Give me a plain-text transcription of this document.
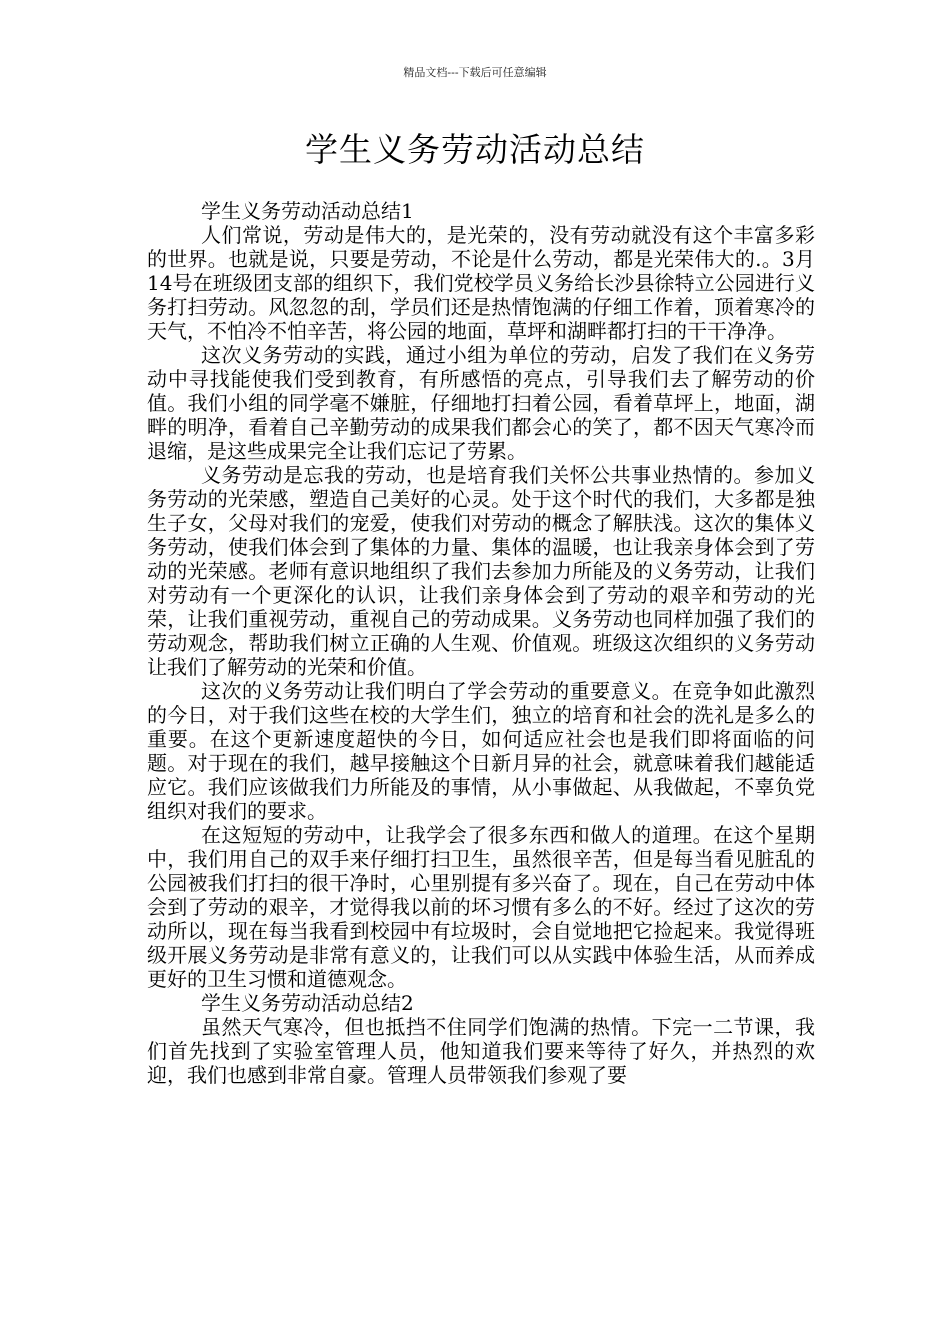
精品文档---下载后可任意编辑
学生义务劳动活动总结

学生义务劳动活动总结1

人们常说，劳动是伟大的，是光荣的，没有劳动就没有这个丰富多彩的世界。也就是说，只要是劳动，不论是什么劳动，都是光荣伟大的.。3月14号在班级团支部的组织下，我们党校学员义务给长沙县徐特立公园进行义务打扫劳动。风忽忽的刮，学员们还是热情饱满的仔细工作着，顶着寒冷的天气，不怕冷不怕辛苦，将公园的地面，草坪和湖畔都打扫的干干净净。

这次义务劳动的实践，通过小组为单位的劳动，启发了我们在义务劳动中寻找能使我们受到教育，有所感悟的亮点，引导我们去了解劳动的价值。我们小组的同学毫不嫌脏，仔细地打扫着公园，看着草坪上，地面，湖畔的明净，看着自己辛勤劳动的成果我们都会心的笑了，都不因天气寒冷而退缩，是这些成果完全让我们忘记了劳累。

义务劳动是忘我的劳动，也是培育我们关怀公共事业热情的。参加义务劳动的光荣感，塑造自己美好的心灵。处于这个时代的我们，大多都是独生子女，父母对我们的宠爱，使我们对劳动的概念了解肤浅。这次的集体义务劳动，使我们体会到了集体的力量、集体的温暖，也让我亲身体会到了劳动的光荣感。老师有意识地组织了我们去参加力所能及的义务劳动，让我们对劳动有一个更深化的认识，让我们亲身体会到了劳动的艰辛和劳动的光荣，让我们重视劳动，重视自己的劳动成果。义务劳动也同样加强了我们的劳动观念，帮助我们树立正确的人生观、价值观。班级这次组织的义务劳动让我们了解劳动的光荣和价值。

这次的义务劳动让我们明白了学会劳动的重要意义。在竞争如此激烈的今日，对于我们这些在校的大学生们，独立的培育和社会的洗礼是多么的重要。在这个更新速度超快的今日，如何适应社会也是我们即将面临的问题。对于现在的我们，越早接触这个日新月异的社会，就意味着我们越能适应它。我们应该做我们力所能及的事情，从小事做起、从我做起，不辜负党组织对我们的要求。

在这短短的劳动中，让我学会了很多东西和做人的道理。在这个星期中，我们用自己的双手来仔细打扫卫生，虽然很辛苦，但是每当看见脏乱的公园被我们打扫的很干净时，心里别提有多兴奋了。现在，自己在劳动中体会到了劳动的艰辛，才觉得我以前的坏习惯有多么的不好。经过了这次的劳动所以，现在每当我看到校园中有垃圾时，会自觉地把它捡起来。我觉得班级开展义务劳动是非常有意义的，让我们可以从实践中体验生活，从而养成更好的卫生习惯和道德观念。

学生义务劳动活动总结2

虽然天气寒冷，但也抵挡不住同学们饱满的热情。下完一二节课，我们首先找到了实验室管理人员，他知道我们要来等待了好久，并热烈的欢迎，我们也感到非常自豪。管理人员带领我们参观了要
